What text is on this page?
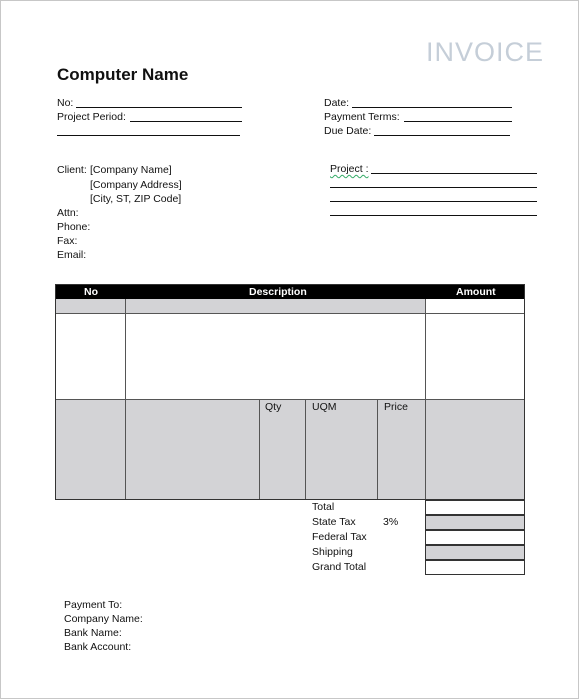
INVOICE
Computer Name
No:
Project Period:
Date:
Payment Terms:
Due Date:
Client: [Company Name]
[Company Address]
[City, ST, ZIP Code]
Attn:
Phone:
Fax:
Email:
Project :
No	Description	Amount
Qty	UQM	Price
Total
State Tax	3%
Federal Tax
Shipping
Grand Total
Payment To:
Company Name:
Bank Name:
Bank Account:
